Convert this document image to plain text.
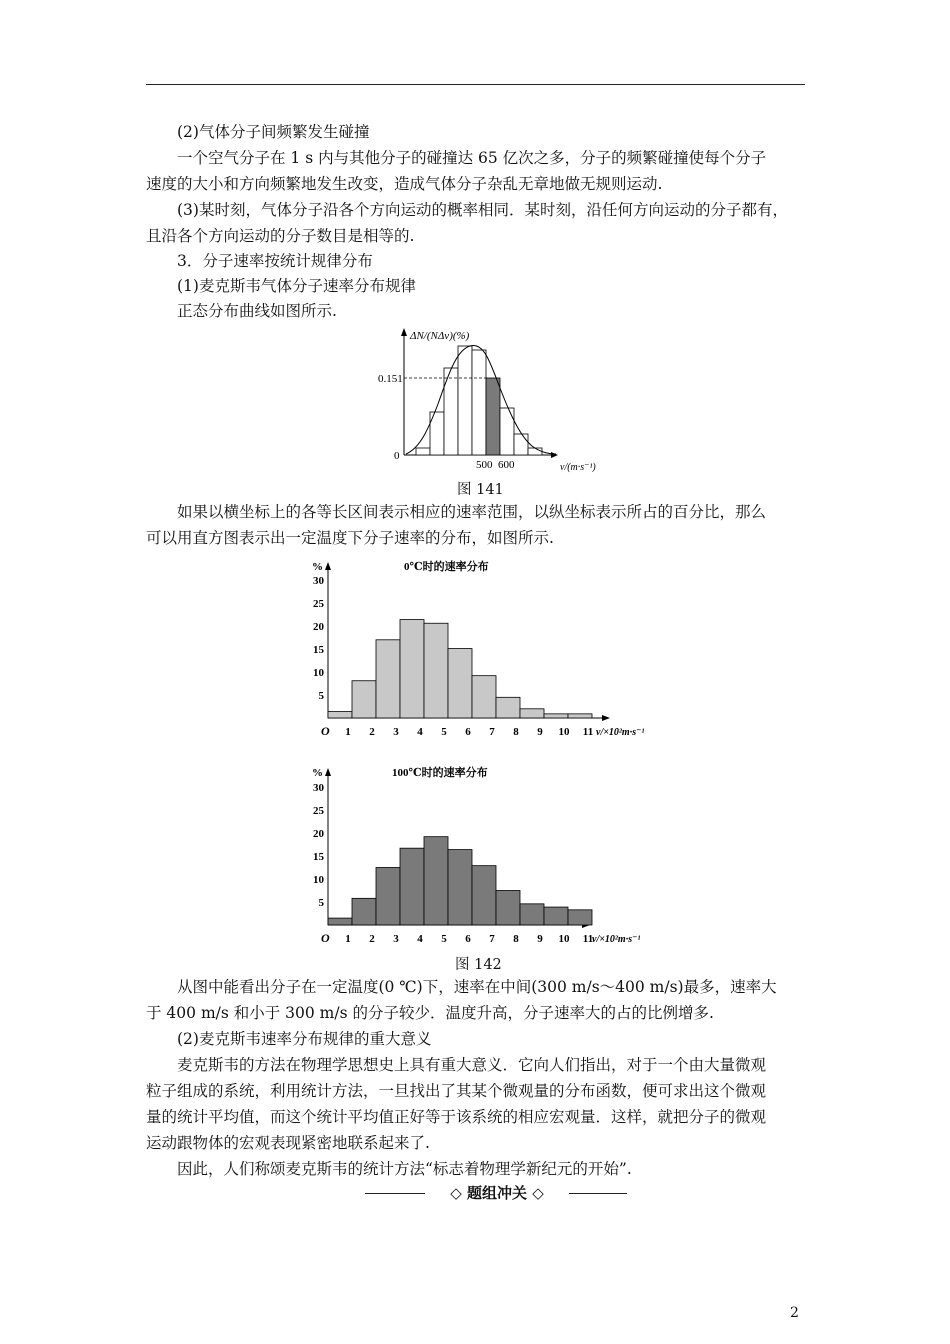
(2)气体分子间频繁发生碰撞
一个空气分子在 1 s 内与其他分子的碰撞达 65 亿次之多，分子的频繁碰撞使每个分子
速度的大小和方向频繁地发生改变，造成气体分子杂乱无章地做无规则运动.
(3)某时刻，气体分子沿各个方向运动的概率相同．某时刻，沿任何方向运动的分子都有，
且沿各个方向运动的分子数目是相等的.
3．分子速率按统计规律分布
(1)麦克斯韦气体分子速率分布规律
正态分布曲线如图所示.
0.151
0
500 600
ΔN/(NΔv)(%)
v/(m·s⁻¹)
图 141
如果以横坐标上的各等长区间表示相应的速率范围，以纵坐标表示所占的百分比，那么
可以用直方图表示出一定温度下分子速率的分布，如图所示.
5
10
15
20
25
30
1 2 3 4 5 6 7 8 9 10 11
%	0℃时的速率分布
O	v/×10²m·s⁻¹
5
10
15
20
25
30
1 2 3 4 5 6 7 8 9 10 11
%	100℃时的速率分布
O	v/×10²m·s⁻¹
图 142
从图中能看出分子在一定温度(0 ℃)下，速率在中间(300 m/s～400 m/s)最多，速率大
于 400 m/s 和小于 300 m/s 的分子较少．温度升高，分子速率大的占的比例增多.
(2)麦克斯韦速率分布规律的重大意义
麦克斯韦的方法在物理学思想史上具有重大意义．它向人们指出，对于一个由大量微观
粒子组成的系统，利用统计方法，一旦找出了其某个微观量的分布函数，便可求出这个微观
量的统计平均值，而这个统计平均值正好等于该系统的相应宏观量．这样，就把分子的微观
运动跟物体的宏观表现紧密地联系起来了.
因此，人们称颂麦克斯韦的统计方法“标志着物理学新纪元的开始”.
◇ 题组冲关 ◇
2
